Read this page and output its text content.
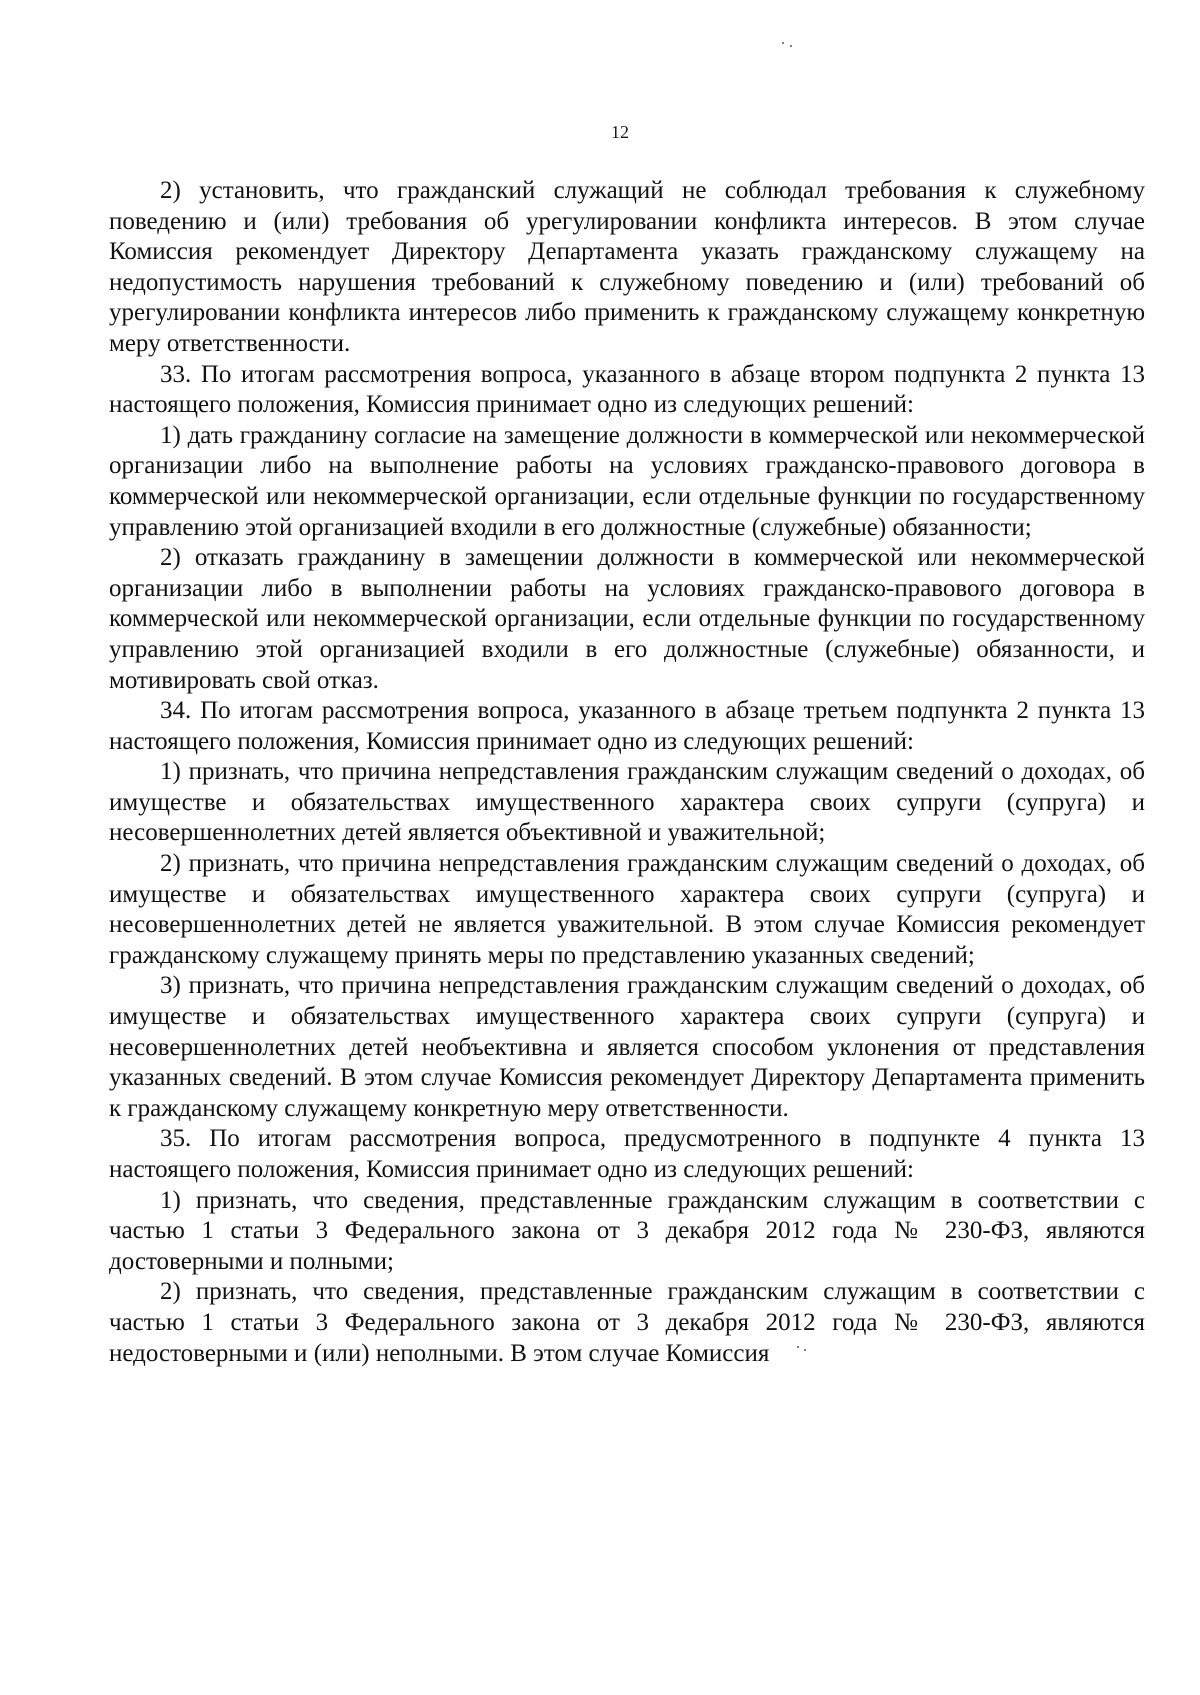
12

2) установить, что гражданский служащий не соблюдал требования к служебному поведению и (или) требования об урегулировании конфликта интересов. В этом случае Комиссия рекомендует Директору Департамента указать гражданскому служащему на недопустимость нарушения требований к служебному поведению и (или) требований об урегулировании конфликта интересов либо применить к гражданскому служащему конкретную меру ответственности.

33. По итогам рассмотрения вопроса, указанного в абзаце втором подпункта 2 пункта 13 настоящего положения, Комиссия принимает одно из следующих решений:

1) дать гражданину согласие на замещение должности в коммерческой или некоммерческой организации либо на выполнение работы на условиях гражданско-правового договора в коммерческой или некоммерческой организации, если отдельные функции по государственному управлению этой организацией входили в его должностные (служебные) обязанности;

2) отказать гражданину в замещении должности в коммерческой или некоммерческой организации либо в выполнении работы на условиях гражданско-правового договора в коммерческой или некоммерческой организации, если отдельные функции по государственному управлению этой организацией входили в его должностные (служебные) обязанности, и мотивировать свой отказ.

34. По итогам рассмотрения вопроса, указанного в абзаце третьем подпункта 2 пункта 13 настоящего положения, Комиссия принимает одно из следующих решений:

1) признать, что причина непредставления гражданским служащим сведений о доходах, об имуществе и обязательствах имущественного характера своих супруги (супруга) и несовершеннолетних детей является объективной и уважительной;

2) признать, что причина непредставления гражданским служащим сведений о доходах, об имуществе и обязательствах имущественного характера своих супруги (супруга) и несовершеннолетних детей не является уважительной. В этом случае Комиссия рекомендует гражданскому служащему принять меры по представлению указанных сведений;

3) признать, что причина непредставления гражданским служащим сведений о доходах, об имуществе и обязательствах имущественного характера своих супруги (супруга) и несовершеннолетних детей необъективна и является способом уклонения от представления указанных сведений. В этом случае Комиссия рекомендует Директору Департамента применить к гражданскому служащему конкретную меру ответственности.

35. По итогам рассмотрения вопроса, предусмотренного в подпункте 4 пункта 13 настоящего положения, Комиссия принимает одно из следующих решений:

1) признать, что сведения, представленные гражданским служащим в соответствии с частью 1 статьи 3 Федерального закона от 3 декабря 2012 года № 230-ФЗ, являются достоверными и полными;

2) признать, что сведения, представленные гражданским служащим в соответствии с частью 1 статьи 3 Федерального закона от 3 декабря 2012 года № 230-ФЗ, являются недостоверными и (или) неполными. В этом случае Комиссия
